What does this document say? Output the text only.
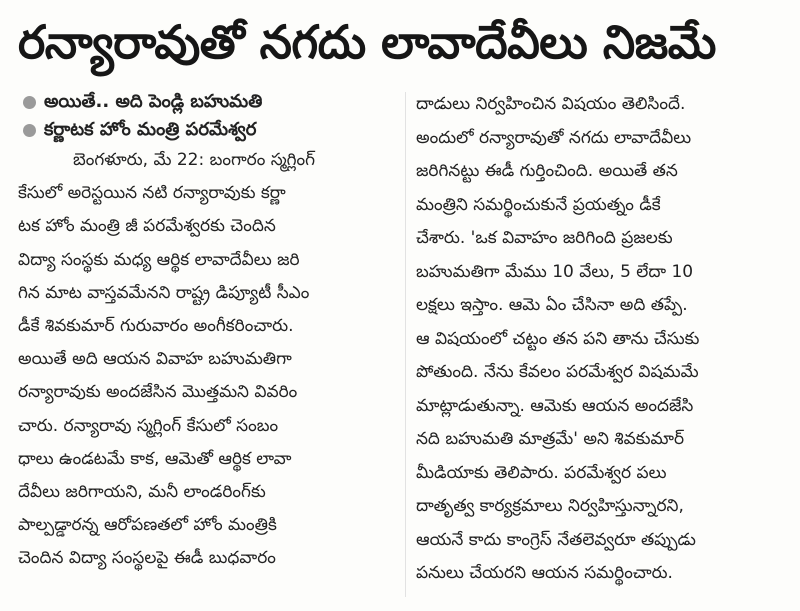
రన్యారావుతో నగదు లావాదేవీలు నిజమే
అయితే.. అది పెండ్లి బహుమతి
కర్ణాటక హోం మంత్రి పరమేశ్వర
బెంగళూరు, మే 22: బంగారం స్మగ్లింగ్
కేసులో అరెస్టయిన నటి రన్యారావుకు కర్ణా
టక హోం మంత్రి జీ పరమేశ్వరకు చెందిన
విద్యా సంస్థకు మధ్య ఆర్థిక లావాదేవీలు జరి
గిన మాట వాస్తవమేనని రాష్ట్ర డిప్యూటీ సీఎం
డీకే శివకుమార్ గురువారం అంగీకరించారు.
అయితే అది ఆయన వివాహ బహుమతిగా
రన్యారావుకు అందజేసిన మొత్తమని వివరిం
చారు. రన్యారావు స్మగ్లింగ్ కేసులో సంబం
ధాలు ఉండటమే కాక, ఆమెతో ఆర్థిక లావా
దేవీలు జరిగాయని, మనీ లాండరింగ్‌కు
పాల్పడ్డారన్న ఆరోపణతలో హోం మంత్రికి
చెందిన విద్యా సంస్థలపై ఈడీ బుధవారం
దాడులు నిర్వహించిన విషయం తెలిసిందే.
అందులో రన్యారావుతో నగదు లావాదేవీలు
జరిగినట్టు ఈడీ గుర్తించింది. అయితే తన
మంత్రిని సమర్థించుకునే ప్రయత్నం డీకే
చేశారు. 'ఒక వివాహం జరిగింది ప్రజలకు
బహుమతిగా మేము 10 వేలు, 5 లేదా 10
లక్షలు ఇస్తాం. ఆమె ఏం చేసినా అది తప్పే.
ఆ విషయంలో చట్టం తన పని తాను చేసుకు
పోతుంది. నేను కేవలం పరమేశ్వర విషమమే
మాట్లాడుతున్నా. ఆమెకు ఆయన అందజేసి
నది బహుమతి మాత్రమే' అని శివకుమార్
మీడియాకు తెలిపారు. పరమేశ్వర పలు
దాతృత్వ కార్యక్రమాలు నిర్వహిస్తున్నారని,
ఆయనే కాదు కాంగ్రెస్ నేతలెవ్వరూ తప్పుడు
పనులు చేయరని ఆయన సమర్థించారు.
